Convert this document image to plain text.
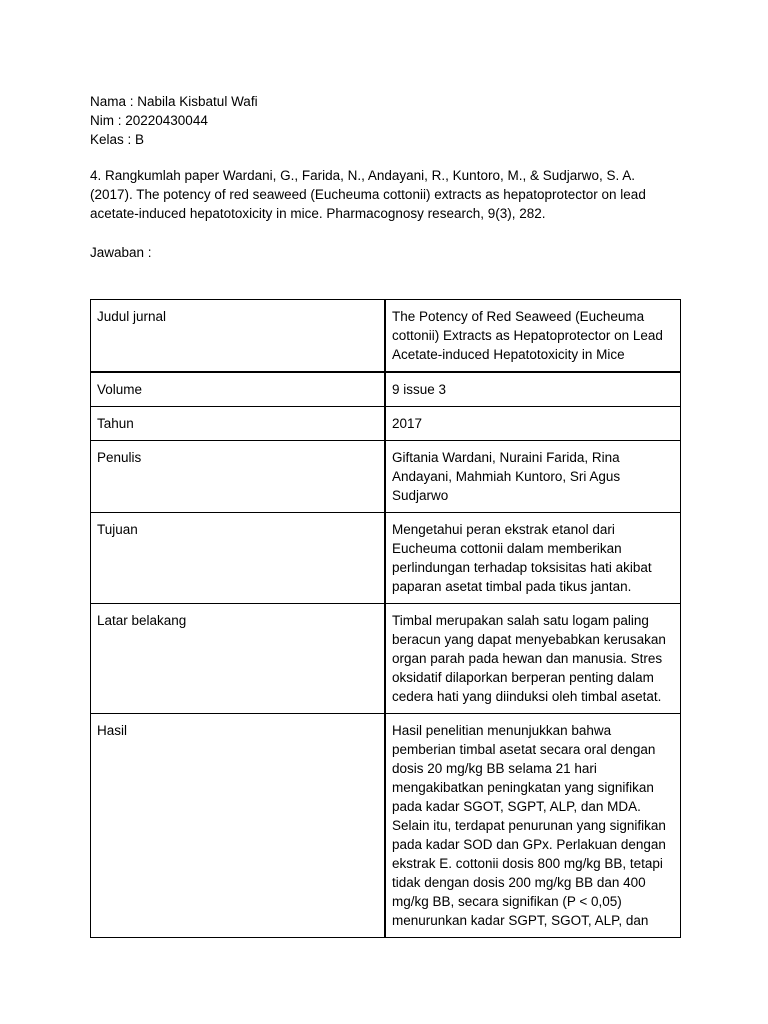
Nama : Nabila Kisbatul Wafi
Nim : 20220430044
Kelas : B
4. Rangkumlah paper Wardani, G., Farida, N., Andayani, R., Kuntoro, M., & Sudjarwo, S. A. (2017). The potency of red seaweed (Eucheuma cottonii) extracts as hepatoprotector on lead acetate-induced hepatotoxicity in mice. Pharmacognosy research, 9(3), 282.
Jawaban :
Judul jurnal	The Potency of Red Seaweed (Eucheuma cottonii) Extracts as Hepatoprotector on Lead Acetate-induced Hepatotoxicity in Mice
Volume	9 issue 3
Tahun	2017
Penulis	Giftania Wardani, Nuraini Farida, Rina Andayani, Mahmiah Kuntoro, Sri Agus Sudjarwo
Tujuan	Mengetahui peran ekstrak etanol dari Eucheuma cottonii dalam memberikan perlindungan terhadap toksisitas hati akibat paparan asetat timbal pada tikus jantan.
Latar belakang	Timbal merupakan salah satu logam paling beracun yang dapat menyebabkan kerusakan organ parah pada hewan dan manusia. Stres oksidatif dilaporkan berperan penting dalam cedera hati yang diinduksi oleh timbal asetat.
Hasil	Hasil penelitian menunjukkan bahwa pemberian timbal asetat secara oral dengan dosis 20 mg/kg BB selama 21 hari mengakibatkan peningkatan yang signifikan pada kadar SGOT, SGPT, ALP, dan MDA. Selain itu, terdapat penurunan yang signifikan pada kadar SOD dan GPx. Perlakuan dengan ekstrak E. cottonii dosis 800 mg/kg BB, tetapi tidak dengan dosis 200 mg/kg BB dan 400 mg/kg BB, secara signifikan (P < 0,05) menurunkan kadar SGPT, SGOT, ALP, dan
